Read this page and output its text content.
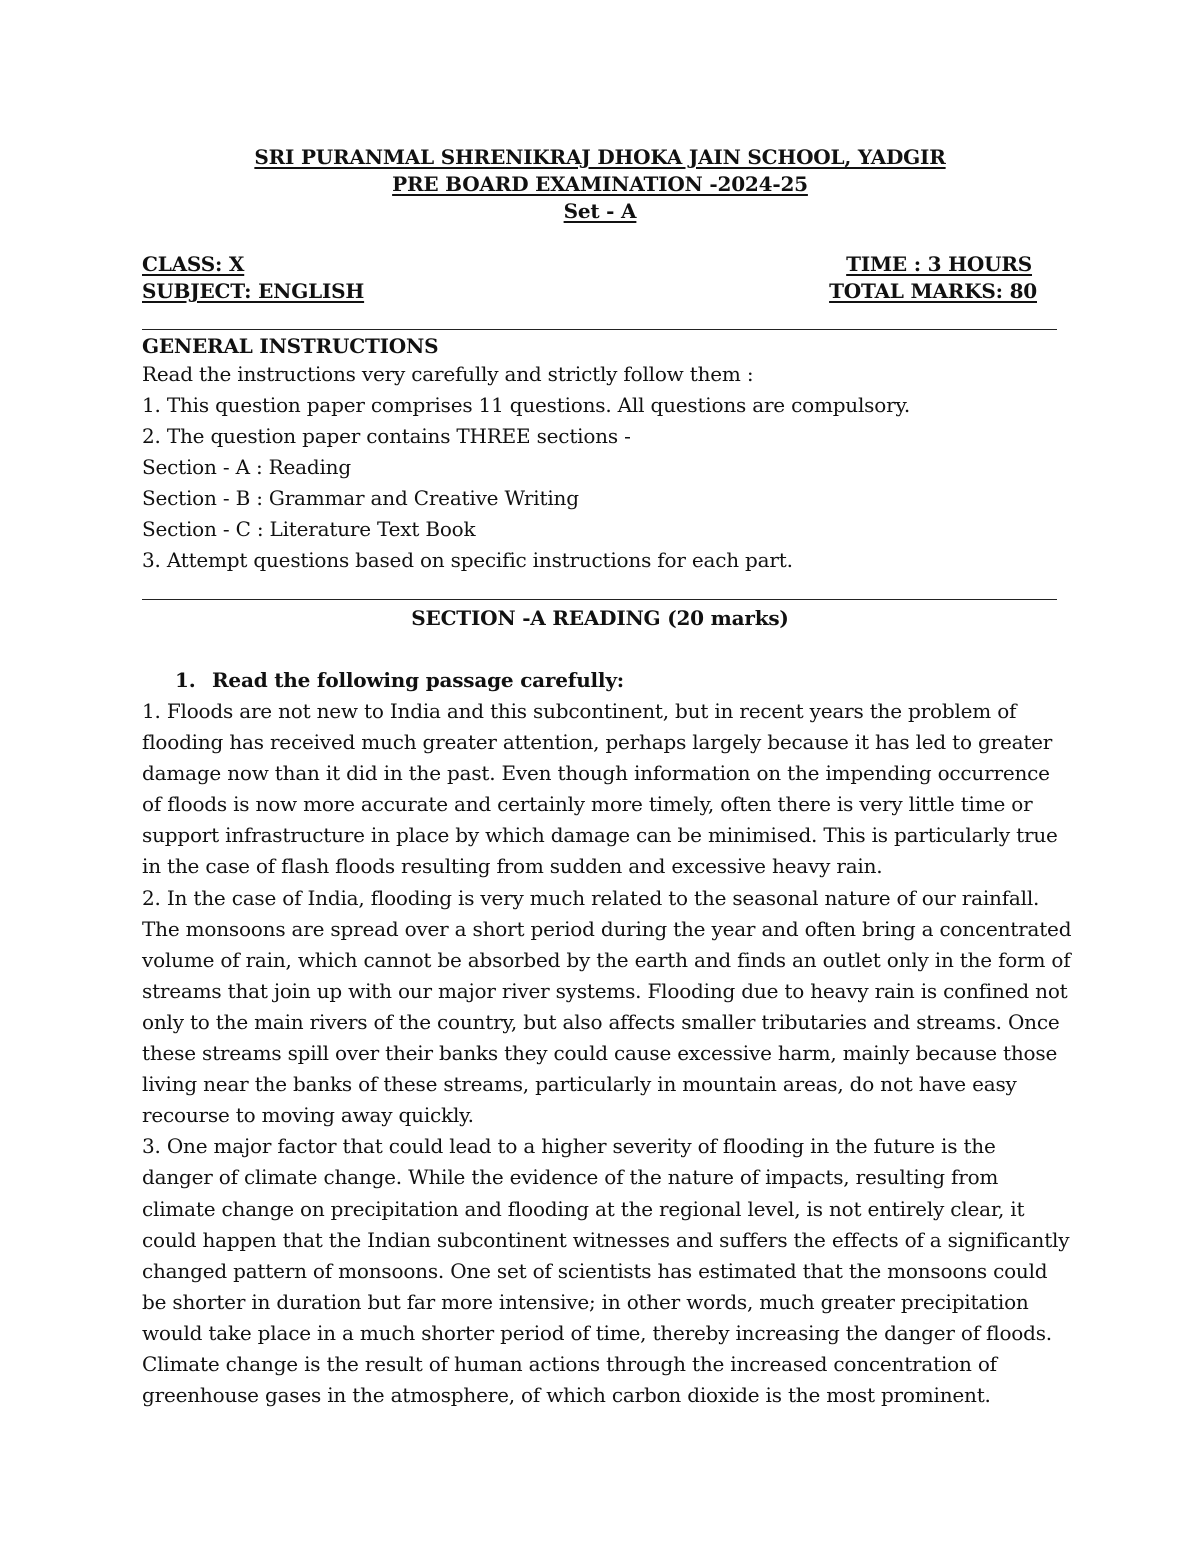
SRI PURANMAL SHRENIKRAJ DHOKA JAIN SCHOOL, YADGIR
PRE BOARD EXAMINATION -2024-25
Set - A
CLASS: X	TIME : 3 HOURS
SUBJECT: ENGLISH	TOTAL MARKS: 80
GENERAL INSTRUCTIONS
Read the instructions very carefully and strictly follow them :
1. This question paper comprises 11 questions. All questions are compulsory.
2. The question paper contains THREE sections -
Section - A : Reading
Section - B : Grammar and Creative Writing
Section - C : Literature Text Book
3. Attempt questions based on specific instructions for each part.
SECTION -A READING (20 marks)
1. Read the following passage carefully:

1. Floods are not new to India and this subcontinent, but in recent years the problem of flooding has received much greater attention, perhaps largely because it has led to greater damage now than it did in the past. Even though information on the impending occurrence of floods is now more accurate and certainly more timely, often there is very little time or support infrastructure in place by which damage can be minimised. This is particularly true in the case of flash floods resulting from sudden and excessive heavy rain.

2. In the case of India, flooding is very much related to the seasonal nature of our rainfall. The monsoons are spread over a short period during the year and often bring a concentrated volume of rain, which cannot be absorbed by the earth and finds an outlet only in the form of streams that join up with our major river systems. Flooding due to heavy rain is confined not only to the main rivers of the country, but also affects smaller tributaries and streams. Once these streams spill over their banks they could cause excessive harm, mainly because those living near the banks of these streams, particularly in mountain areas, do not have easy recourse to moving away quickly.

3. One major factor that could lead to a higher severity of flooding in the future is the danger of climate change. While the evidence of the nature of impacts, resulting from climate change on precipitation and flooding at the regional level, is not entirely clear, it could happen that the Indian subcontinent witnesses and suffers the effects of a significantly changed pattern of monsoons. One set of scientists has estimated that the monsoons could be shorter in duration but far more intensive; in other words, much greater precipitation would take place in a much shorter period of time, thereby increasing the danger of floods. Climate change is the result of human actions through the increased concentration of greenhouse gases in the atmosphere, of which carbon dioxide is the most prominent.
